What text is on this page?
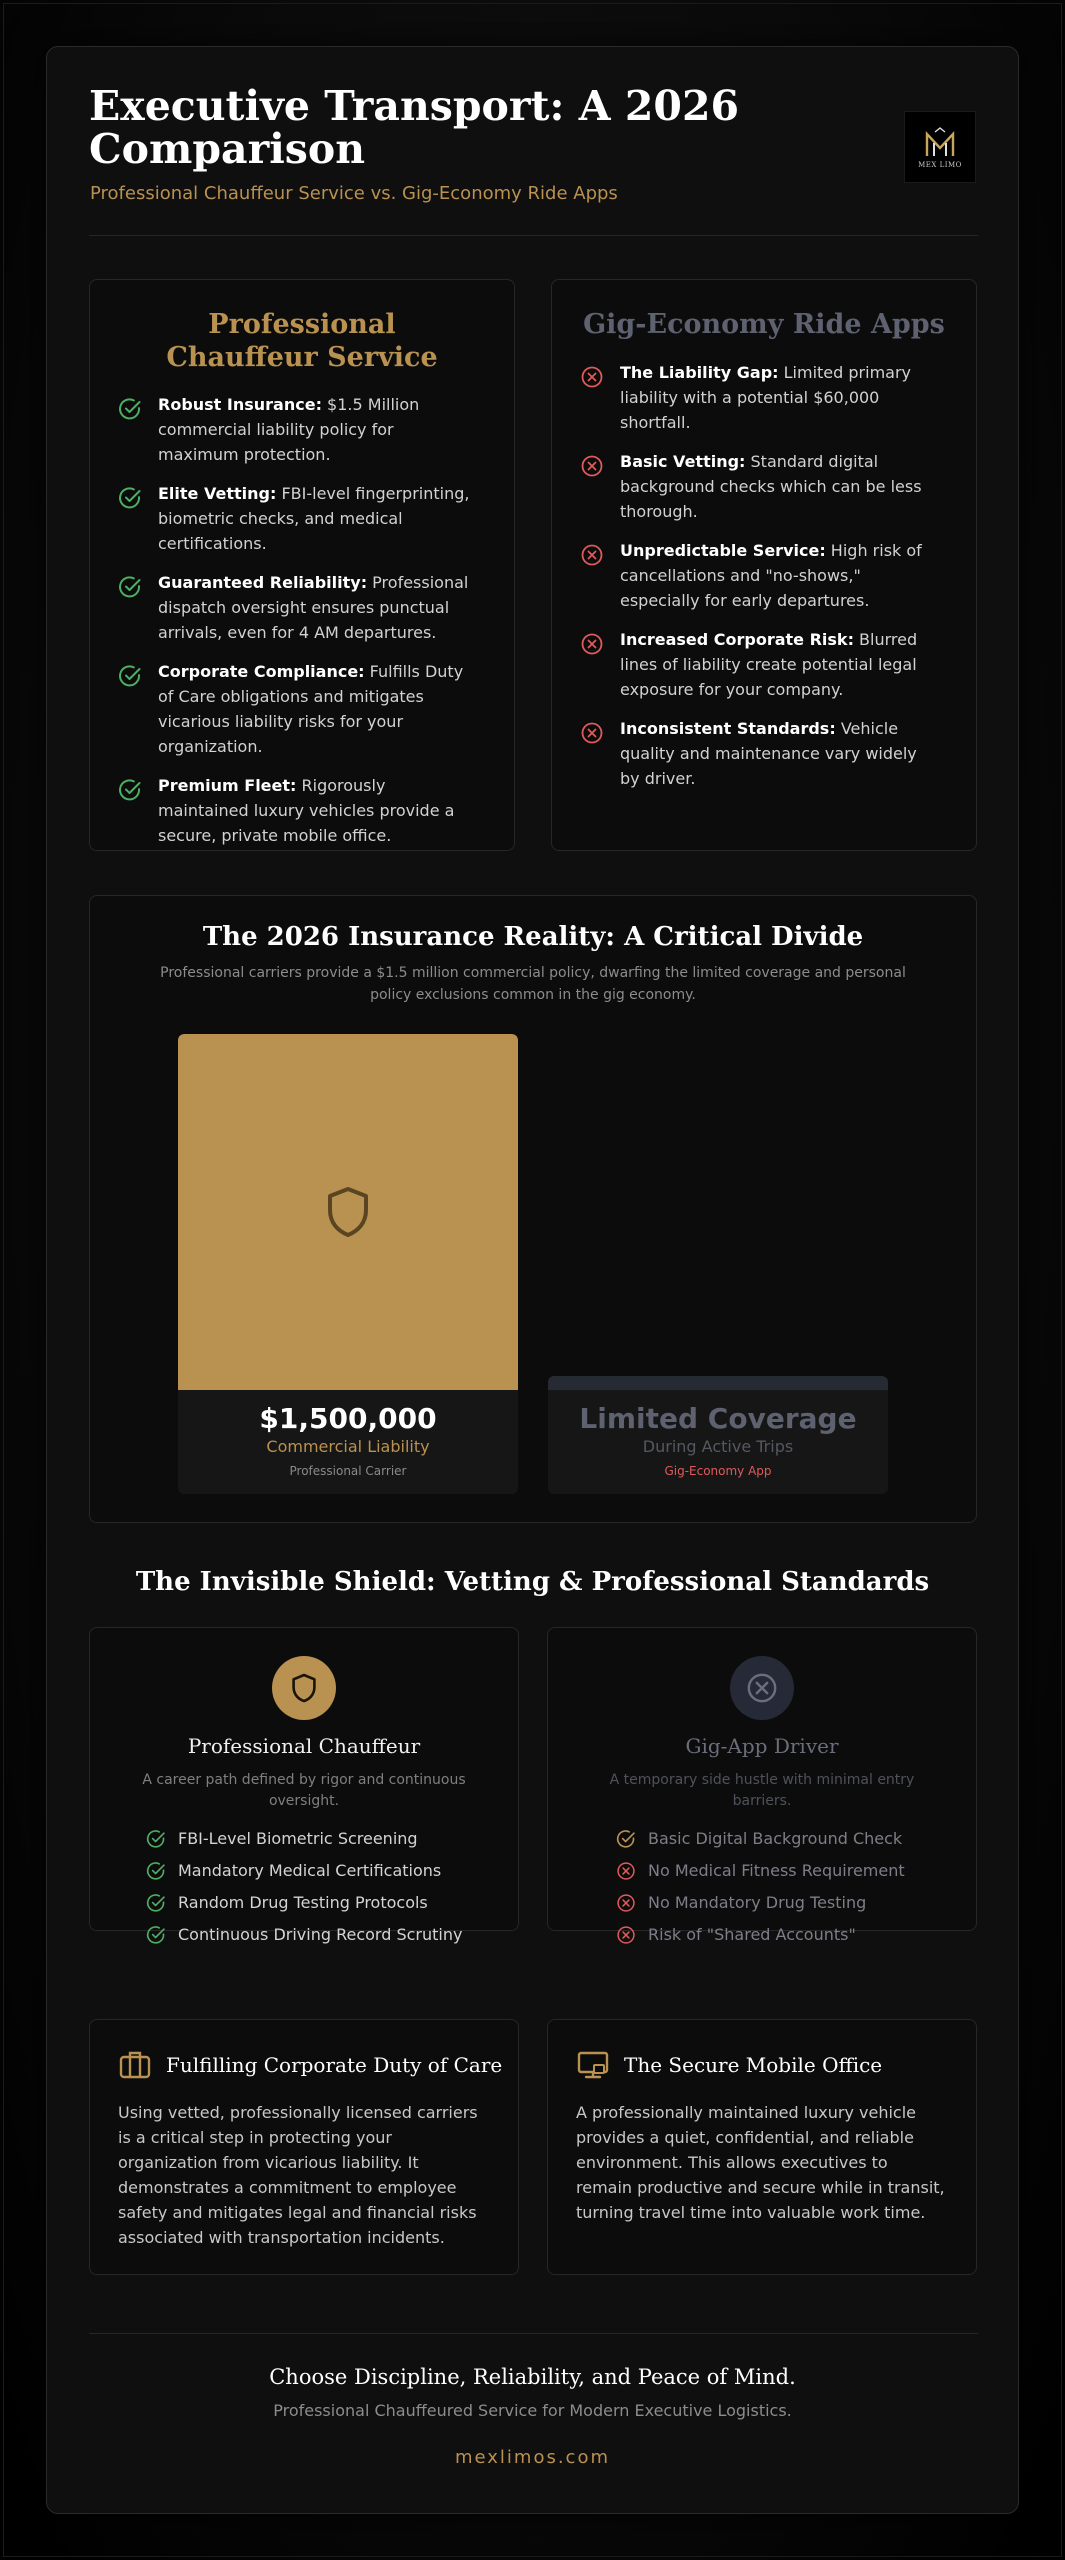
Executive Transport: A 2026 Comparison
Professional Chauffeur Service vs. Gig-Economy Ride Apps
MEX LIMO
Professional Chauffeur Service
Robust Insurance: $1.5 Million commercial liability policy for maximum protection.
Elite Vetting: FBI-level fingerprinting, biometric checks, and medical certifications.
Guaranteed Reliability: Professional dispatch oversight ensures punctual arrivals, even for 4 AM departures.
Corporate Compliance: Fulfills Duty of Care obligations and mitigates vicarious liability risks for your organization.
Premium Fleet: Rigorously maintained luxury vehicles provide a secure, private mobile office.
Gig-Economy Ride Apps
The Liability Gap: Limited primary liability with a potential $60,000 shortfall.
Basic Vetting: Standard digital background checks which can be less thorough.
Unpredictable Service: High risk of cancellations and "no-shows," especially for early departures.
Increased Corporate Risk: Blurred lines of liability create potential legal exposure for your company.
Inconsistent Standards: Vehicle quality and maintenance vary widely by driver.
The 2026 Insurance Reality: A Critical Divide
Professional carriers provide a $1.5 million commercial policy, dwarfing the limited coverage and personal policy exclusions common in the gig economy.
$1,500,000
Commercial Liability
Professional Carrier
Limited Coverage
During Active Trips
Gig-Economy App
The Invisible Shield: Vetting & Professional Standards
Professional Chauffeur
A career path defined by rigor and continuous oversight.
FBI-Level Biometric Screening
Mandatory Medical Certifications
Random Drug Testing Protocols
Continuous Driving Record Scrutiny
Gig-App Driver
A temporary side hustle with minimal entry barriers.
Basic Digital Background Check
No Medical Fitness Requirement
No Mandatory Drug Testing
Risk of "Shared Accounts"
Fulfilling Corporate Duty of Care
Using vetted, professionally licensed carriers is a critical step in protecting your organization from vicarious liability. It demonstrates a commitment to employee safety and mitigates legal and financial risks associated with transportation incidents.
The Secure Mobile Office
A professionally maintained luxury vehicle provides a quiet, confidential, and reliable environment. This allows executives to remain productive and secure while in transit, turning travel time into valuable work time.
Choose Discipline, Reliability, and Peace of Mind.
Professional Chauffeured Service for Modern Executive Logistics.
mexlimos.com
